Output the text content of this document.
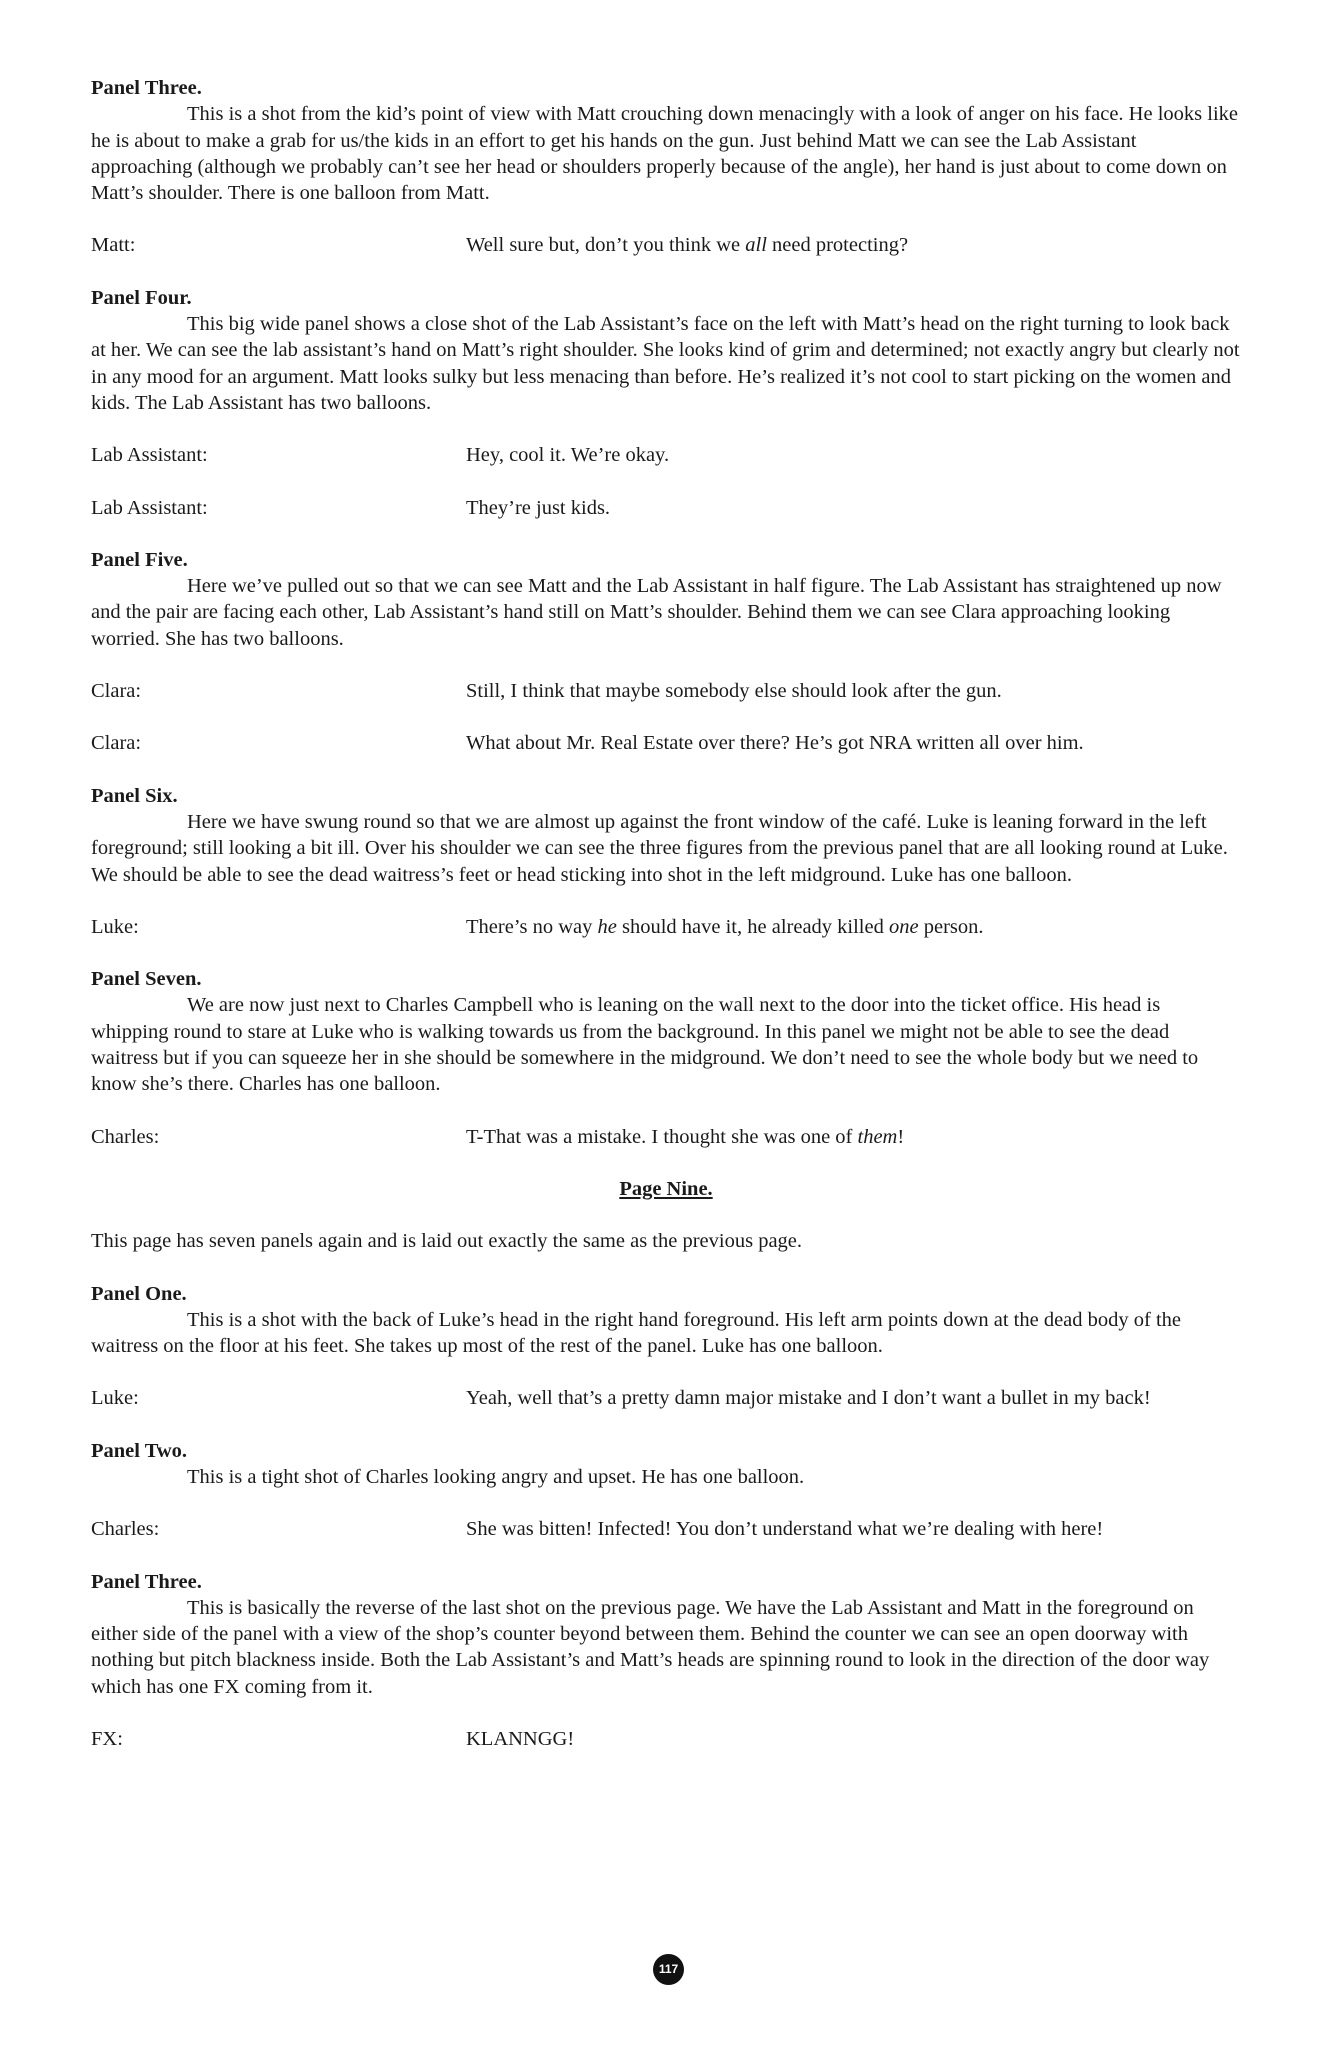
Panel Three.

This is a shot from the kid’s point of view with Matt crouching down menacingly with a look of anger on his face. He looks like he is about to make a grab for us/the kids in an effort to get his hands on the gun. Just behind Matt we can see the Lab Assistant approaching (although we probably can’t see her head or shoulders properly because of the angle), her hand is just about to come down on Matt’s shoulder. There is one balloon from Matt.

Matt:	Well sure but, don’t you think we all need protecting?

Panel Four.

This big wide panel shows a close shot of the Lab Assistant’s face on the left with Matt’s head on the right turning to look back at her. We can see the lab assistant’s hand on Matt’s right shoulder. She looks kind of grim and determined; not exactly angry but clearly not in any mood for an argument. Matt looks sulky but less menacing than before. He’s realized it’s not cool to start picking on the women and kids. The Lab Assistant has two balloons.

Lab Assistant:	Hey, cool it. We’re okay.
Lab Assistant:	They’re just kids.

Panel Five.

Here we’ve pulled out so that we can see Matt and the Lab Assistant in half figure. The Lab Assistant has straightened up now and the pair are facing each other, Lab Assistant’s hand still on Matt’s shoulder. Behind them we can see Clara approaching looking worried. She has two balloons.

Clara:	Still, I think that maybe somebody else should look after the gun.
Clara:	What about Mr. Real Estate over there? He’s got NRA written all over him.

Panel Six.

Here we have swung round so that we are almost up against the front window of the café. Luke is leaning forward in the left foreground; still looking a bit ill. Over his shoulder we can see the three figures from the previous panel that are all looking round at Luke. We should be able to see the dead waitress’s feet or head sticking into shot in the left midground. Luke has one balloon.

Luke:	There’s no way he should have it, he already killed one person.

Panel Seven.

We are now just next to Charles Campbell who is leaning on the wall next to the door into the ticket office. His head is whipping round to stare at Luke who is walking towards us from the background. In this panel we might not be able to see the dead waitress but if you can squeeze her in she should be somewhere in the midground. We don’t need to see the whole body but we need to know she’s there. Charles has one balloon.

Charles:	T-That was a mistake. I thought she was one of them!

Page Nine.

This page has seven panels again and is laid out exactly the same as the previous page.

Panel One.

This is a shot with the back of Luke’s head in the right hand foreground. His left arm points down at the dead body of the waitress on the floor at his feet. She takes up most of the rest of the panel. Luke has one balloon.

Luke:	Yeah, well that’s a pretty damn major mistake and I don’t want a bullet in my back!

Panel Two.

This is a tight shot of Charles looking angry and upset. He has one balloon.

Charles:	She was bitten! Infected! You don’t understand what we’re dealing with here!

Panel Three.

This is basically the reverse of the last shot on the previous page. We have the Lab Assistant and Matt in the foreground on either side of the panel with a view of the shop’s counter beyond between them. Behind the counter we can see an open doorway with nothing but pitch blackness inside. Both the Lab Assistant’s and Matt’s heads are spinning round to look in the direction of the door way which has one FX coming from it.

FX:	KLANNGG!
117
